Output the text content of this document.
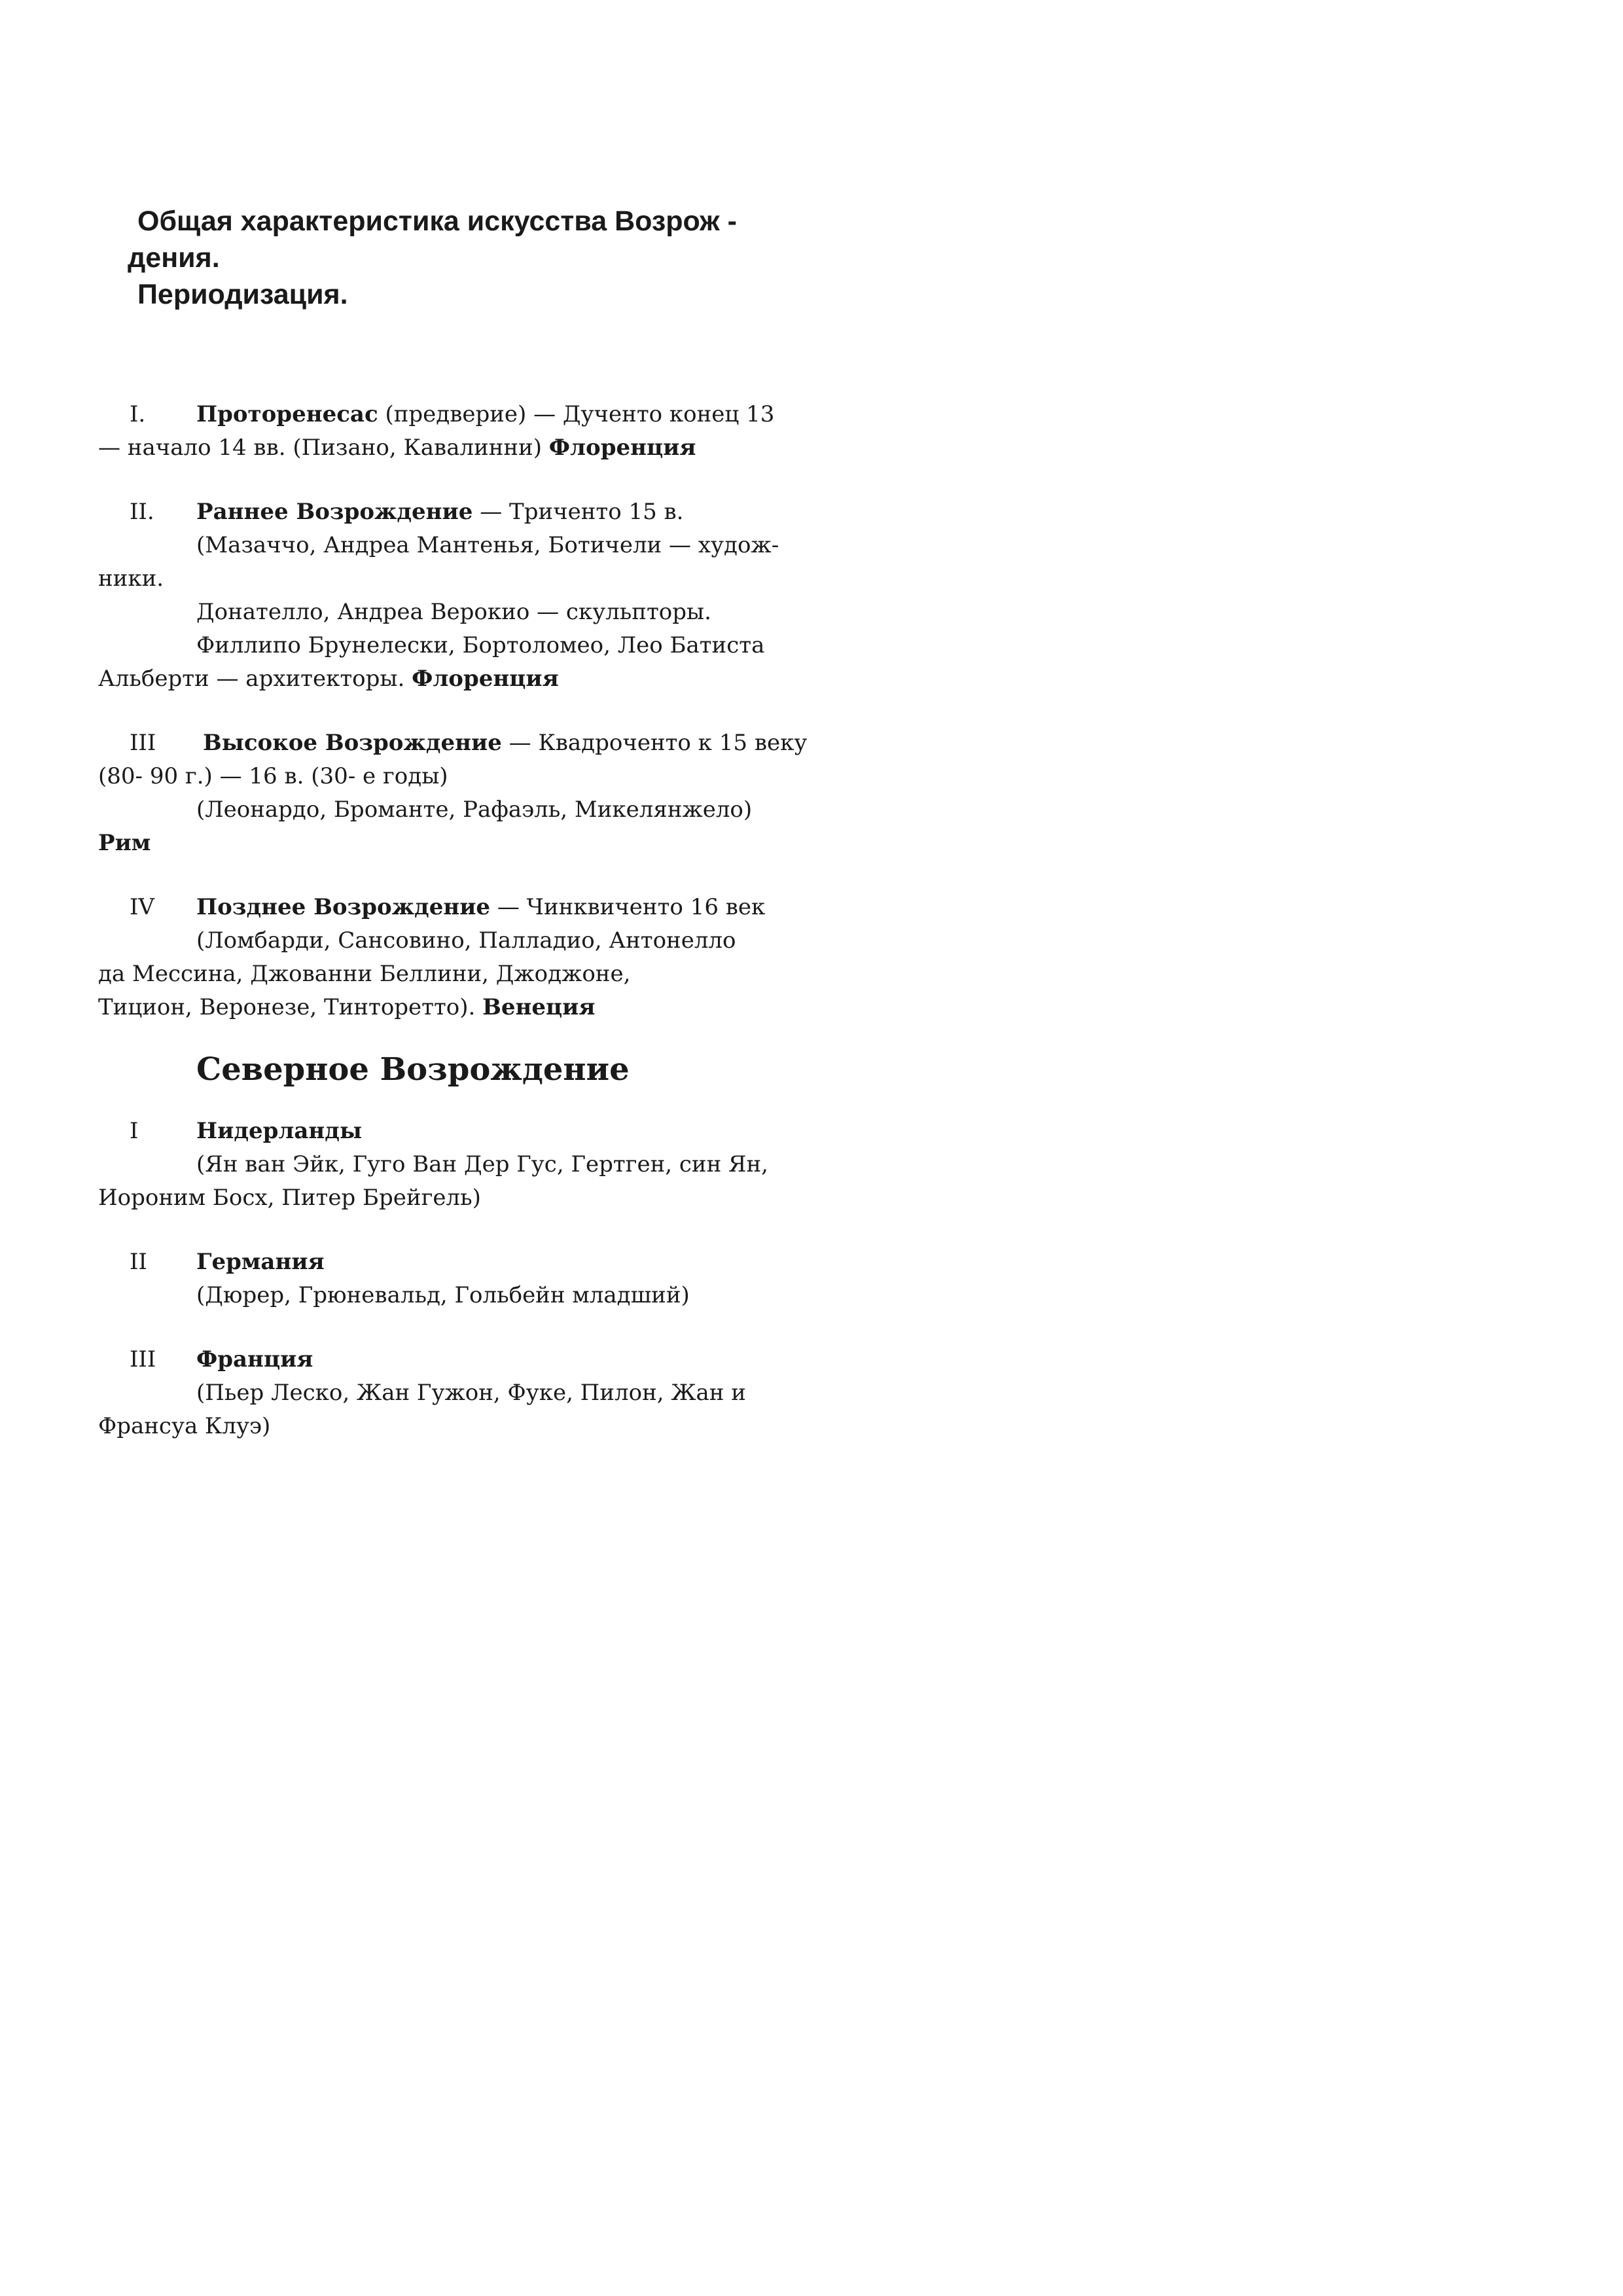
Общая характеристика искусства Возрож -
дения.
Периодизация.
I.	Проторенесас (предверие) — Дученто конец 13
— начало 14 вв. (Пизано, Кавалинни) Флоренция
II.	Раннее Возрождение — Триченто 15 в.
(Мазаччо, Андреа Мантенья, Ботичели — худож-
ники.
Донателло, Андреа Верокио — скульпторы.
Филлипо Брунелески, Бортоломео, Лео Батиста
Альберти — архитекторы. Флоренция
III	Высокое Возрождение — Квадроченто к 15 веку
(80- 90 г.) — 16 в. (30- е годы)
(Леонардо, Броманте, Рафаэль, Микелянжело)
Рим
IV	Позднее Возрождение — Чинквиченто 16 век
(Ломбарди, Сансовино, Палладио, Антонелло
да Мессина, Джованни Беллини, Джоджоне,
Тицион, Веронезе, Тинторетто). Венеция
Северное Возрождение
I	Нидерланды
(Ян ван Эйк, Гуго Ван Дер Гус, Гертген, син Ян,
Иороним Босх, Питер Брейгель)
II	Германия
(Дюрер, Грюневальд, Гольбейн младший)
III	Франция
(Пьер Леско, Жан Гужон, Фуке, Пилон, Жан и
Франсуа Клуэ)
